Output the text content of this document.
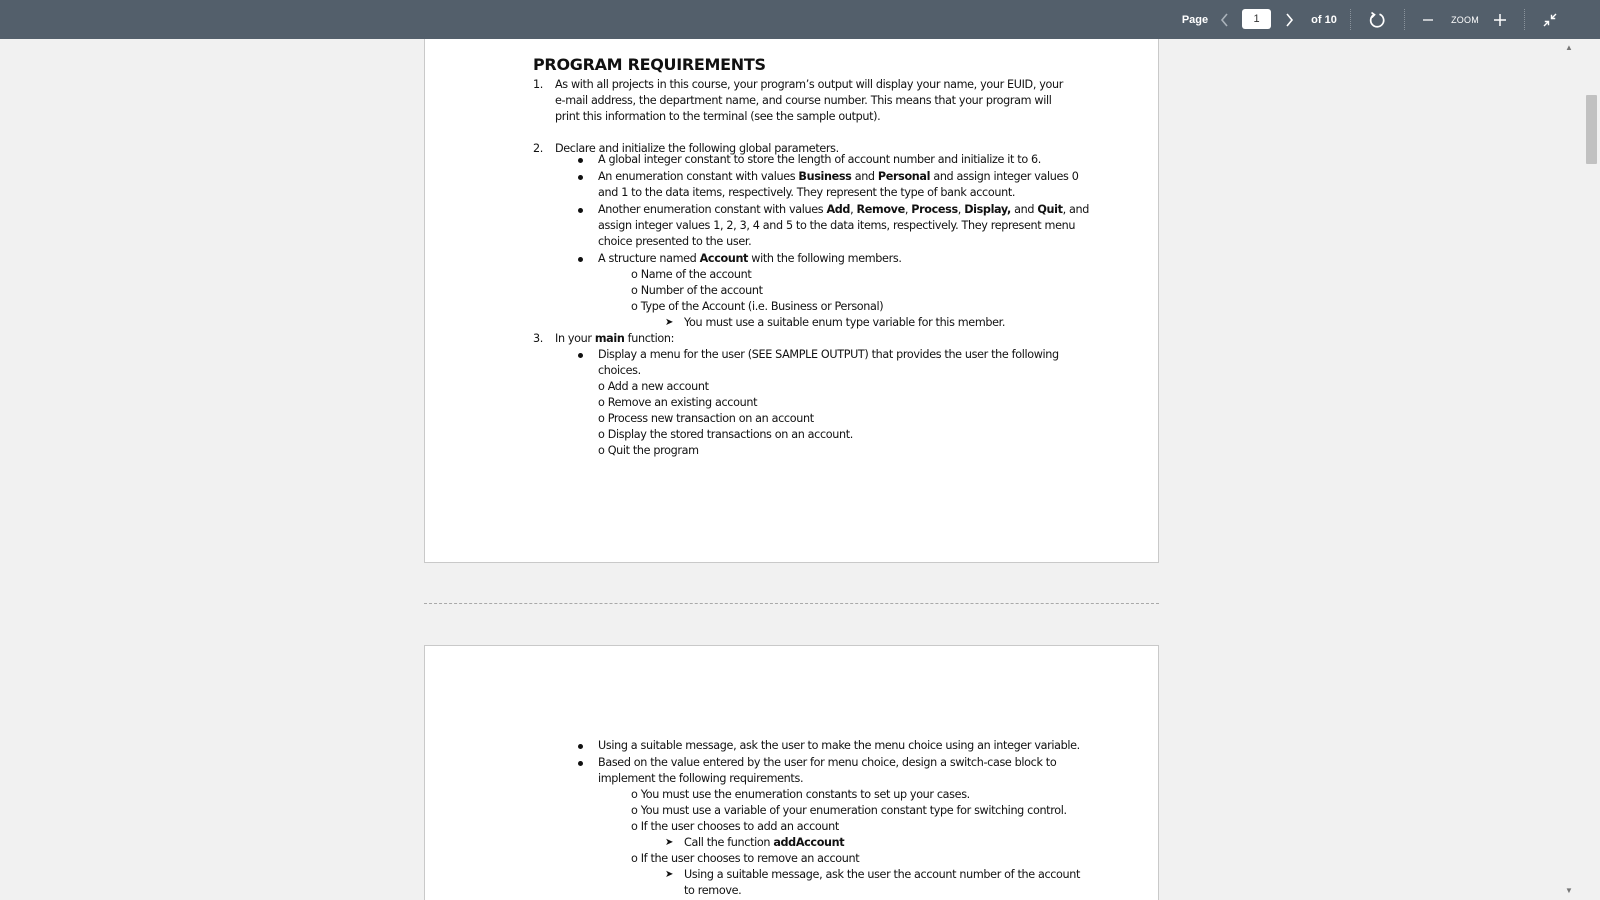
Page
1	of 10	ZOOM
PROGRAM REQUIREMENTS
1. As with all projects in this course, your program’s output will display your name, your EUID, your
e-mail address, the department name, and course number. This means that your program will
print this information to the terminal (see the sample output).
2. Declare and initialize the following global parameters.
A global integer constant to store the length of account number and initialize it to 6.
An enumeration constant with values Business and Personal and assign integer values 0
and 1 to the data items, respectively. They represent the type of bank account.
Another enumeration constant with values Add, Remove, Process, Display, and Quit, and
assign integer values 1, 2, 3, 4 and 5 to the data items, respectively. They represent menu
choice presented to the user.
A structure named Account with the following members.
o Name of the account
o Number of the account
o Type of the Account (i.e. Business or Personal)
➤ You must use a suitable enum type variable for this member.
3. In your main function:
Display a menu for the user (SEE SAMPLE OUTPUT) that provides the user the following
choices.
o Add a new account
o Remove an existing account
o Process new transaction on an account
o Display the stored transactions on an account.
o Quit the program
Using a suitable message, ask the user to make the menu choice using an integer variable.
Based on the value entered by the user for menu choice, design a switch-case block to
implement the following requirements.
o You must use the enumeration constants to set up your cases.
o You must use a variable of your enumeration constant type for switching control.
o If the user chooses to add an account
➤ Call the function addAccount
o If the user chooses to remove an account
➤ Using a suitable message, ask the user the account number of the account
to remove.
▲
▼
